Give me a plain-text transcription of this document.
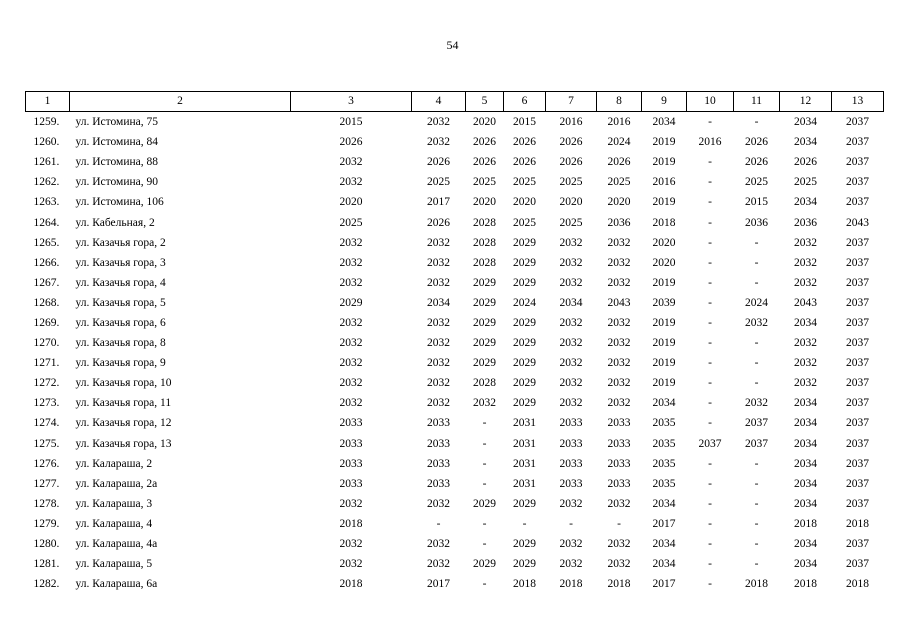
54
1	2	3	4	5	6	7	8	9	10	11	12	13
1259.	ул. Истомина, 75	2015	2032	2020	2015	2016	2016	2034	-	-	2034	2037
1260.	ул. Истомина, 84	2026	2032	2026	2026	2026	2024	2019	2016	2026	2034	2037
1261.	ул. Истомина, 88	2032	2026	2026	2026	2026	2026	2019	-	2026	2026	2037
1262.	ул. Истомина, 90	2032	2025	2025	2025	2025	2025	2016	-	2025	2025	2037
1263.	ул. Истомина, 106	2020	2017	2020	2020	2020	2020	2019	-	2015	2034	2037
1264.	ул. Кабельная, 2	2025	2026	2028	2025	2025	2036	2018	-	2036	2036	2043
1265.	ул. Казачья гора, 2	2032	2032	2028	2029	2032	2032	2020	-	-	2032	2037
1266.	ул. Казачья гора, 3	2032	2032	2028	2029	2032	2032	2020	-	-	2032	2037
1267.	ул. Казачья гора, 4	2032	2032	2029	2029	2032	2032	2019	-	-	2032	2037
1268.	ул. Казачья гора, 5	2029	2034	2029	2024	2034	2043	2039	-	2024	2043	2037
1269.	ул. Казачья гора, 6	2032	2032	2029	2029	2032	2032	2019	-	2032	2034	2037
1270.	ул. Казачья гора, 8	2032	2032	2029	2029	2032	2032	2019	-	-	2032	2037
1271.	ул. Казачья гора, 9	2032	2032	2029	2029	2032	2032	2019	-	-	2032	2037
1272.	ул. Казачья гора, 10	2032	2032	2028	2029	2032	2032	2019	-	-	2032	2037
1273.	ул. Казачья гора, 11	2032	2032	2032	2029	2032	2032	2034	-	2032	2034	2037
1274.	ул. Казачья гора, 12	2033	2033	-	2031	2033	2033	2035	-	2037	2034	2037
1275.	ул. Казачья гора, 13	2033	2033	-	2031	2033	2033	2035	2037	2037	2034	2037
1276.	ул. Калараша, 2	2033	2033	-	2031	2033	2033	2035	-	-	2034	2037
1277.	ул. Калараша, 2а	2033	2033	-	2031	2033	2033	2035	-	-	2034	2037
1278.	ул. Калараша, 3	2032	2032	2029	2029	2032	2032	2034	-	-	2034	2037
1279.	ул. Калараша, 4	2018	-	-	-	-	-	2017	-	-	2018	2018
1280.	ул. Калараша, 4а	2032	2032	-	2029	2032	2032	2034	-	-	2034	2037
1281.	ул. Калараша, 5	2032	2032	2029	2029	2032	2032	2034	-	-	2034	2037
1282.	ул. Калараша, 6а	2018	2017	-	2018	2018	2018	2017	-	2018	2018	2018
